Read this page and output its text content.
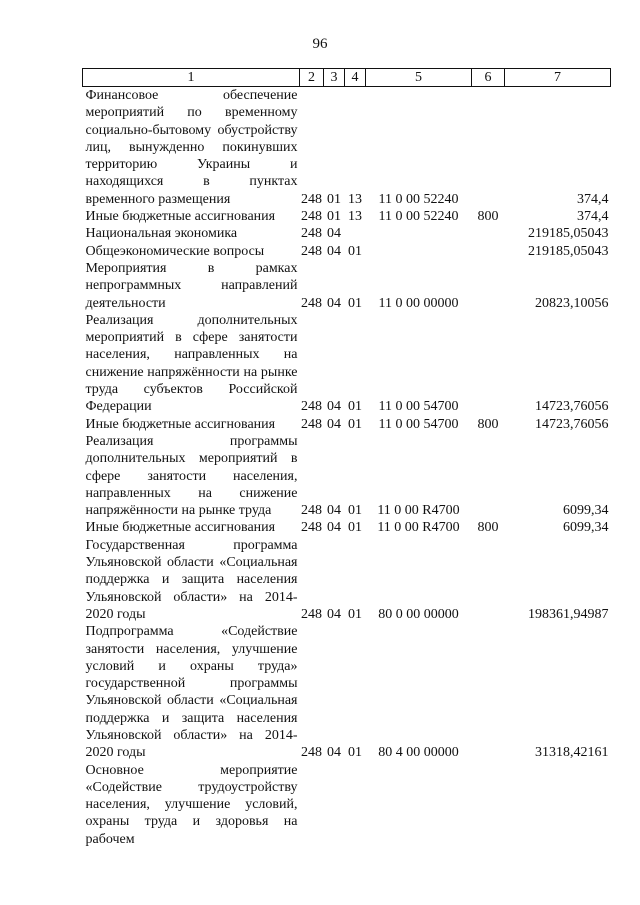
96
1	2	3	4	5	6	7
Финансовое обеспечение мероприятий по временному социально-бытовому обустройству лиц, вынужденно покинувших территорию Украины и находящихся в пунктах временного размещения	248	01	13	11 0 00 52240		374,4
Иные бюджетные ассигнования	248	01	13	11 0 00 52240	800	374,4
Национальная экономика	248	04				219185,05043
Общеэкономические вопросы	248	04	01			219185,05043
Мероприятия в рамках непрограммных направлений деятельности	248	04	01	11 0 00 00000		20823,10056
Реализация дополнительных мероприятий в сфере занятости населения, направленных на снижение напряжённости на рынке труда субъектов Российской Федерации	248	04	01	11 0 00 54700		14723,76056
Иные бюджетные ассигнования	248	04	01	11 0 00 54700	800	14723,76056
Реализация программы дополнительных мероприятий в сфере занятости населения, направленных на снижение напряжённости на рынке труда	248	04	01	11 0 00 R4700		6099,34
Иные бюджетные ассигнования	248	04	01	11 0 00 R4700	800	6099,34
Государственная программа Ульяновской области «Социальная поддержка и защита населения Ульяновской области» на 2014-2020 годы	248	04	01	80 0 00 00000		198361,94987
Подпрограмма «Содействие занятости населения, улучшение условий и охраны труда» государственной программы Ульяновской области «Социальная поддержка и защита населения Ульяновской области» на 2014-2020 годы	248	04	01	80 4 00 00000		31318,42161
Основное мероприятие «Содействие трудоустройству населения, улучшение условий, охраны труда и здоровья на рабочем						
